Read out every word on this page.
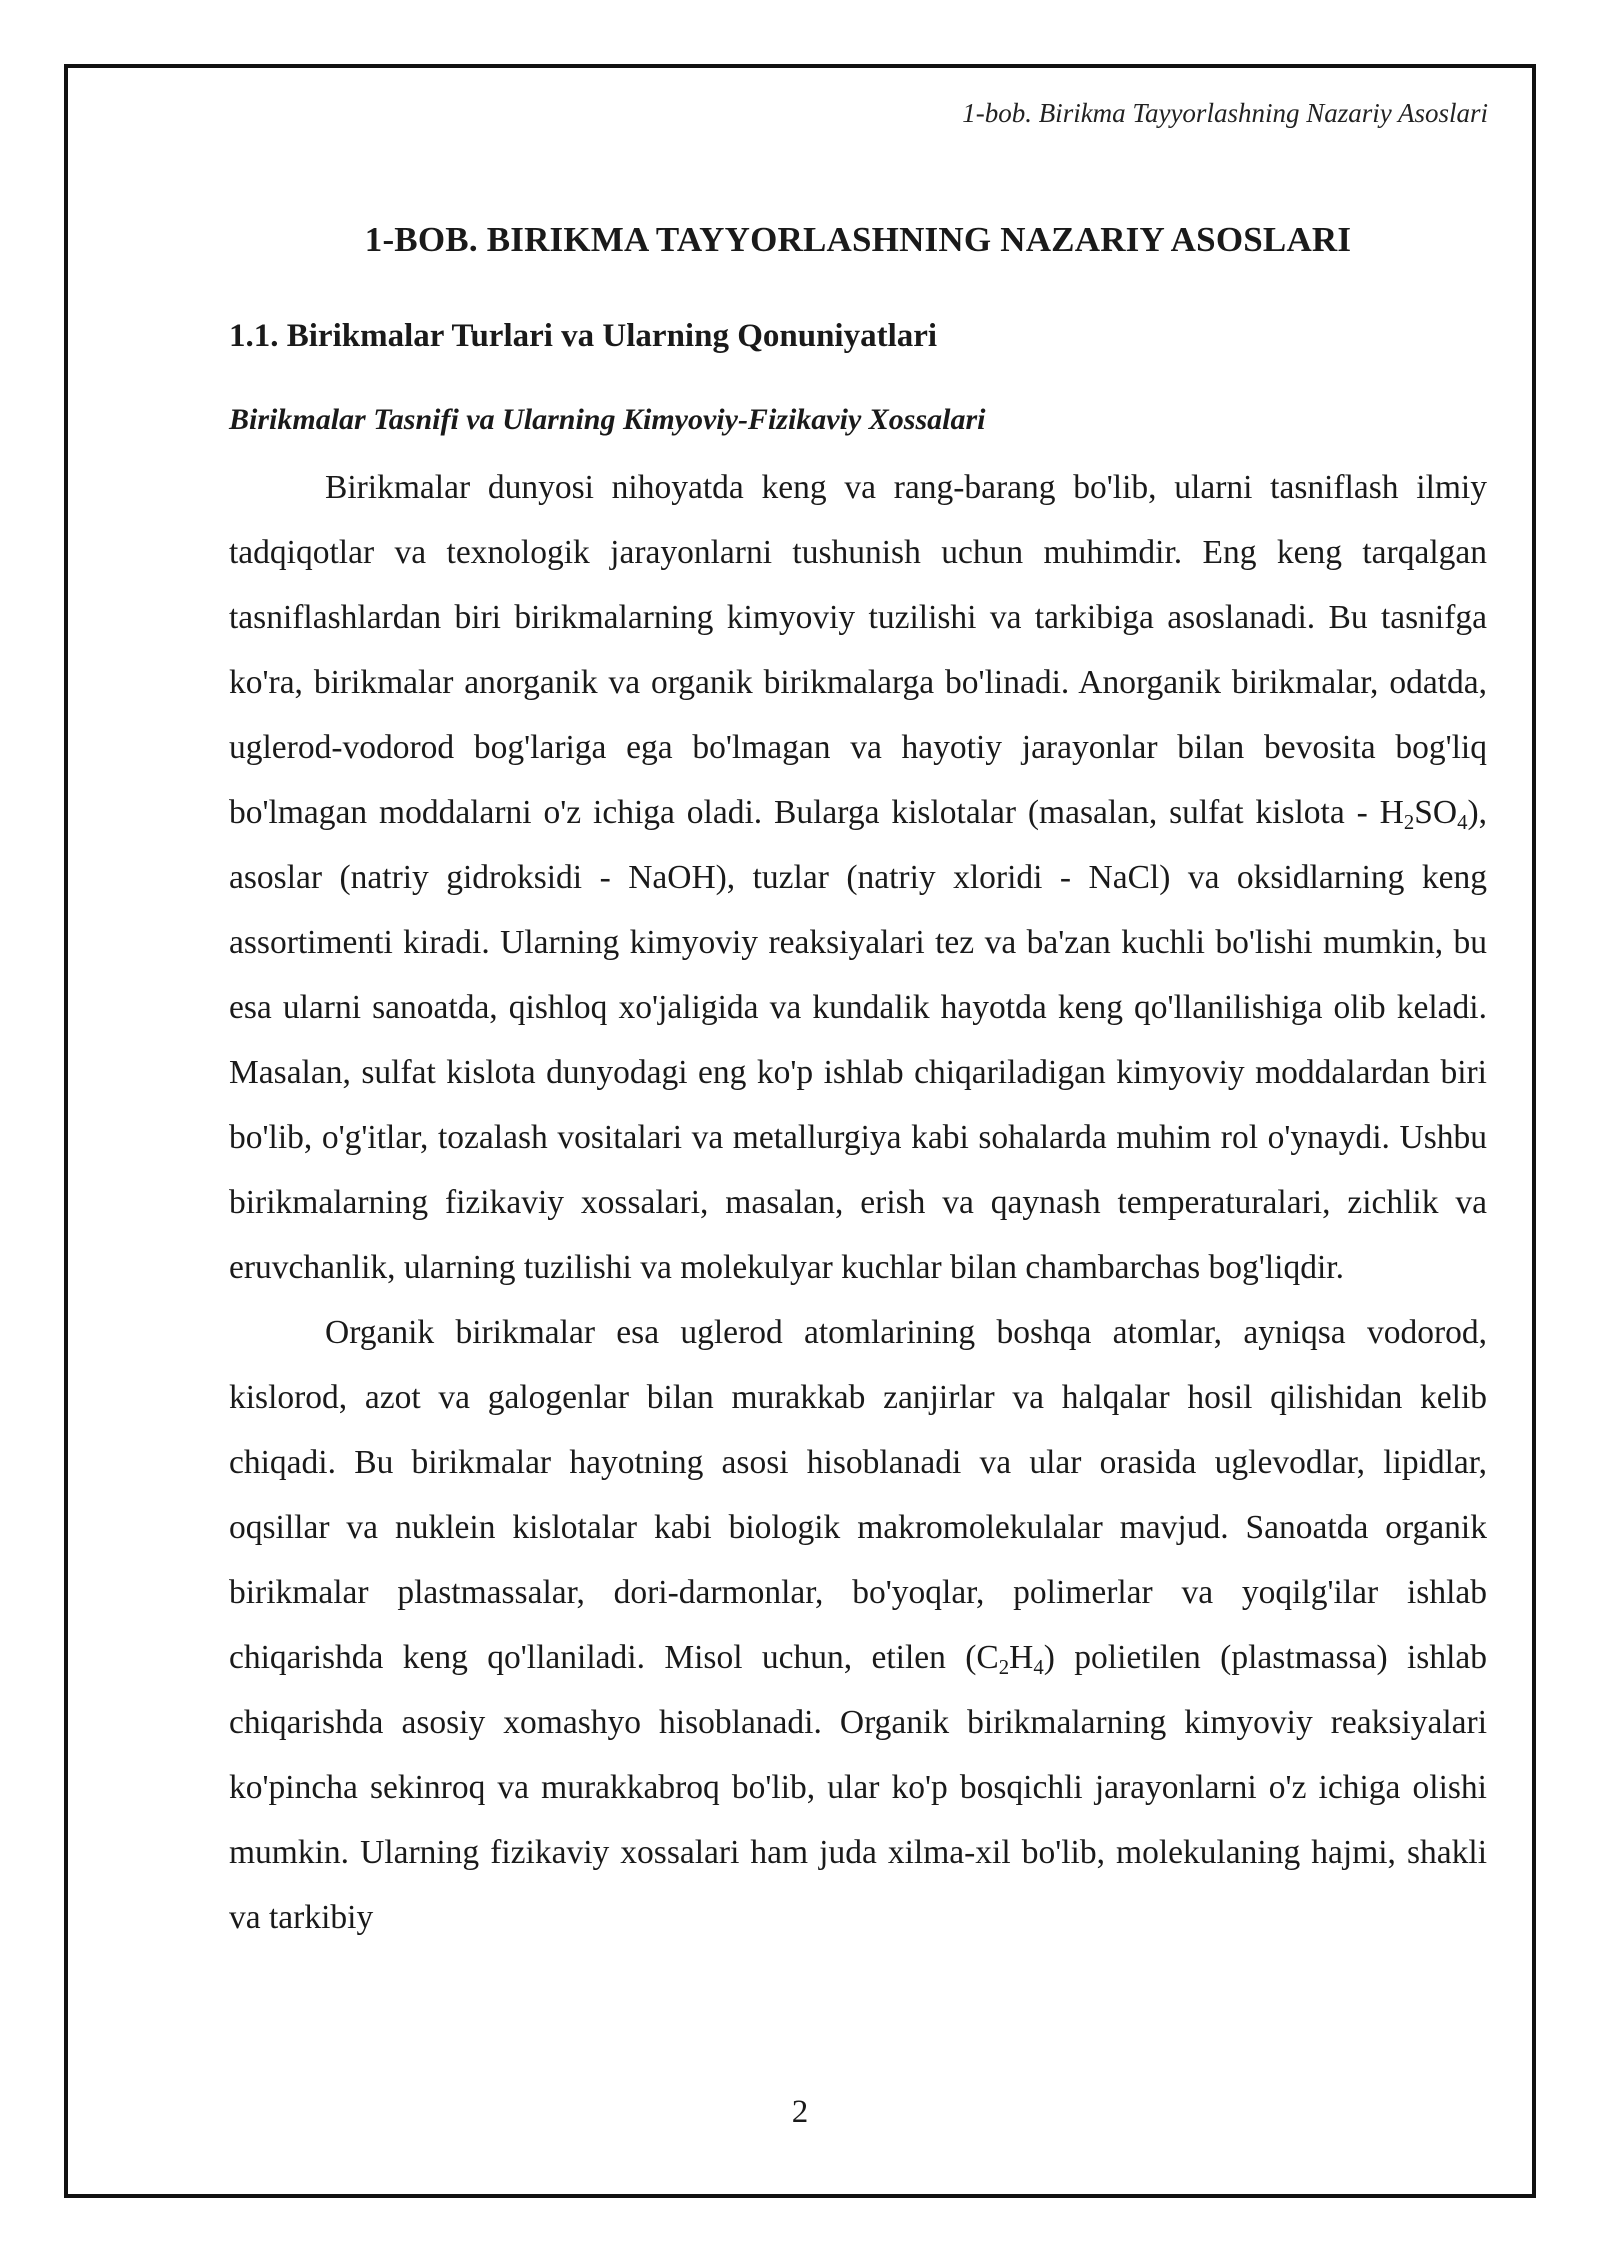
1-bob. Birikma Tayyorlashning Nazariy Asoslari
1-BOB. BIRIKMA TAYYORLASHNING NAZARIY ASOSLARI
1.1. Birikmalar Turlari va Ularning Qonuniyatlari
Birikmalar Tasnifi va Ularning Kimyoviy-Fizikaviy Xossalari

Birikmalar dunyosi nihoyatda keng va rang-barang bo'lib, ularni tasniflash ilmiy tadqiqotlar va texnologik jarayonlarni tushunish uchun muhimdir. Eng keng tarqalgan tasniflashlardan biri birikmalarning kimyoviy tuzilishi va tarkibiga asoslanadi. Bu tasnifga ko'ra, birikmalar anorganik va organik birikmalarga bo'linadi. Anorganik birikmalar, odatda, uglerod-vodorod bog'lariga ega bo'lmagan va hayotiy jarayonlar bilan bevosita bog'liq bo'lmagan moddalarni o'z ichiga oladi. Bularga kislotalar (masalan, sulfat kislota - $H_2SO_4$), asoslar (natriy gidroksidi - NaOH), tuzlar (natriy xloridi - NaCl) va oksidlarning keng assortimenti kiradi. Ularning kimyoviy reaksiyalari tez va ba'zan kuchli bo'lishi mumkin, bu esa ularni sanoatda, qishloq xo'jaligida va kundalik hayotda keng qo'llanilishiga olib keladi. Masalan, sulfat kislota dunyodagi eng ko'p ishlab chiqariladigan kimyoviy moddalardan biri bo'lib, o'g'itlar, tozalash vositalari va metallurgiya kabi sohalarda muhim rol o'ynaydi. Ushbu birikmalarning fizikaviy xossalari, masalan, erish va qaynash temperaturalari, zichlik va eruvchanlik, ularning tuzilishi va molekulyar kuchlar bilan chambarchas bog'liqdir.

Organik birikmalar esa uglerod atomlarining boshqa atomlar, ayniqsa vodorod, kislorod, azot va galogenlar bilan murakkab zanjirlar va halqalar hosil qilishidan kelib chiqadi. Bu birikmalar hayotning asosi hisoblanadi va ular orasida uglevodlar, lipidlar, oqsillar va nuklein kislotalar kabi biologik makromolekulalar mavjud. Sanoatda organik birikmalar plastmassalar, dori-darmonlar, bo'yoqlar, polimerlar va yoqilg'ilar ishlab chiqarishda keng qo'llaniladi. Misol uchun, etilen $(C_2H_4)$ polietilen (plastmassa) ishlab chiqarishda asosiy xomashyo hisoblanadi. Organik birikmalarning kimyoviy reaksiyalari ko'pincha sekinroq va murakkabroq bo'lib, ular ko'p bosqichli jarayonlarni o'z ichiga olishi mumkin. Ularning fizikaviy xossalari ham juda xilma-xil bo'lib, molekulaning hajmi, shakli va tarkibiy

2
